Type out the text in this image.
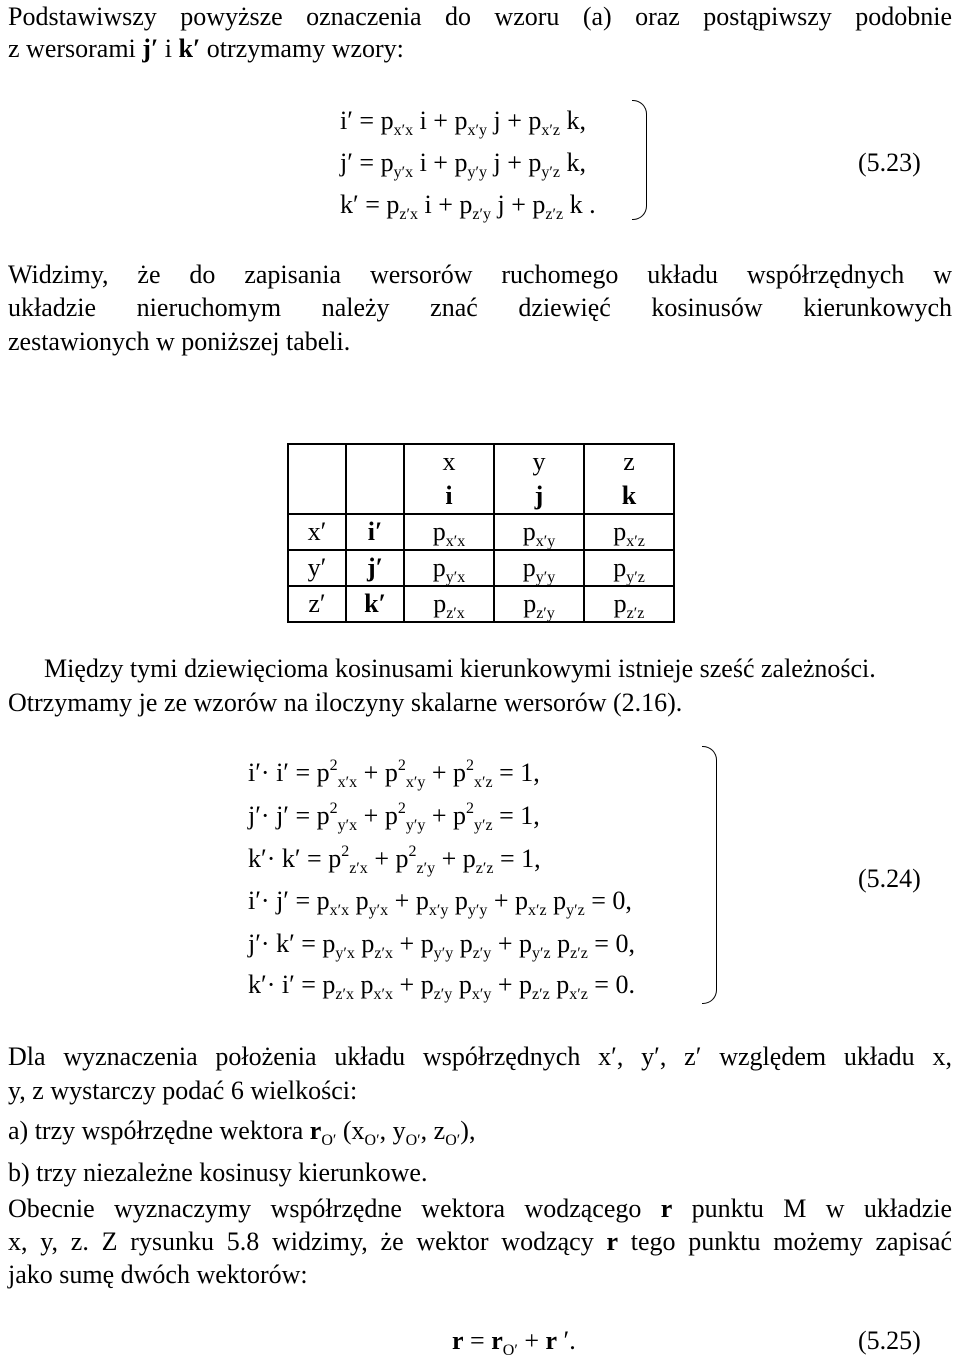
Podstawiwszy powyższe oznaczenia do wzoru (a) oraz postąpiwszy podobnie
z wersorami j′ i k′ otrzymamy wzory:
$i' = p_{x'x}$ $i + p_{x'y}$ $j + p_{x'z}$ k,
$j' = p_{y'x}$ $i + p_{y'y}$ $j + p_{y'z}$ k,
$k' = p_{z'x}$ $i + p_{z'y}$ $j + p_{z'z}$ k .
(5.23)
Widzimy, że do zapisania wersorów ruchomego układu współrzędnych w
układzie nieruchomym należy znać dziewięć kosinusów kierunkowych
zestawionych w poniższej tabeli.
		x	y	z
		i	j	k
x′	i′	$p_{x'x}$	$p_{x'y}$	$p_{x'z}$
y′	j′	$p_{y'x}$	$p_{y'y}$	$p_{y'z}$
z′	k′	$p_{z'x}$	$p_{z'y}$	$p_{z'z}$
Między tymi dziewięcioma kosinusami kierunkowymi istnieje sześć zależności.
Otrzymamy je ze wzorów na iloczyny skalarne wersorów (2.16).
$i'\cdot i' = p^2_{x'x} + p^2_{x'y} + p^2_{x'z} = 1$,
$j'\cdot j' = p^2_{y'x} + p^2_{y'y} + p^2_{y'z} = 1$,
$k'\cdot k' = p^2_{z'x} + p^2_{z'y} + p_{z'z} = 1$,
$i'\cdot j' = p_{x'x}$ $p_{y'x} + p_{x'y}$ $p_{y'y} + p_{x'z}$ $p_{y'z} = 0$,
$j'\cdot k' = p_{y'x}$ $p_{z'x} + p_{y'y}$ $p_{z'y} + p_{y'z}$ $p_{z'z} = 0$,
$k'\cdot i' = p_{z'x}$ $p_{x'x} + p_{z'y}$ $p_{x'y} + p_{z'z}$ $p_{x'z} = 0$.
(5.24)
Dla wyznaczenia położenia układu współrzędnych x′, y′, z′ względem układu x,
y, z wystarczy podać 6 wielkości:
a) trzy współrzędne wektora $r_{O'}$ ($x_{O'}$, $y_{O'}$, $z_{O'}$),
b) trzy niezależne kosinusy kierunkowe.
Obecnie wyznaczymy współrzędne wektora wodzącego r punktu M w układzie
x, y, z. Z rysunku 5.8 widzimy, że wektor wodzący r tego punktu możemy zapisać
jako sumę dwóch wektorów:
$r = r_{O'} + r$ ′.	(5.25)
